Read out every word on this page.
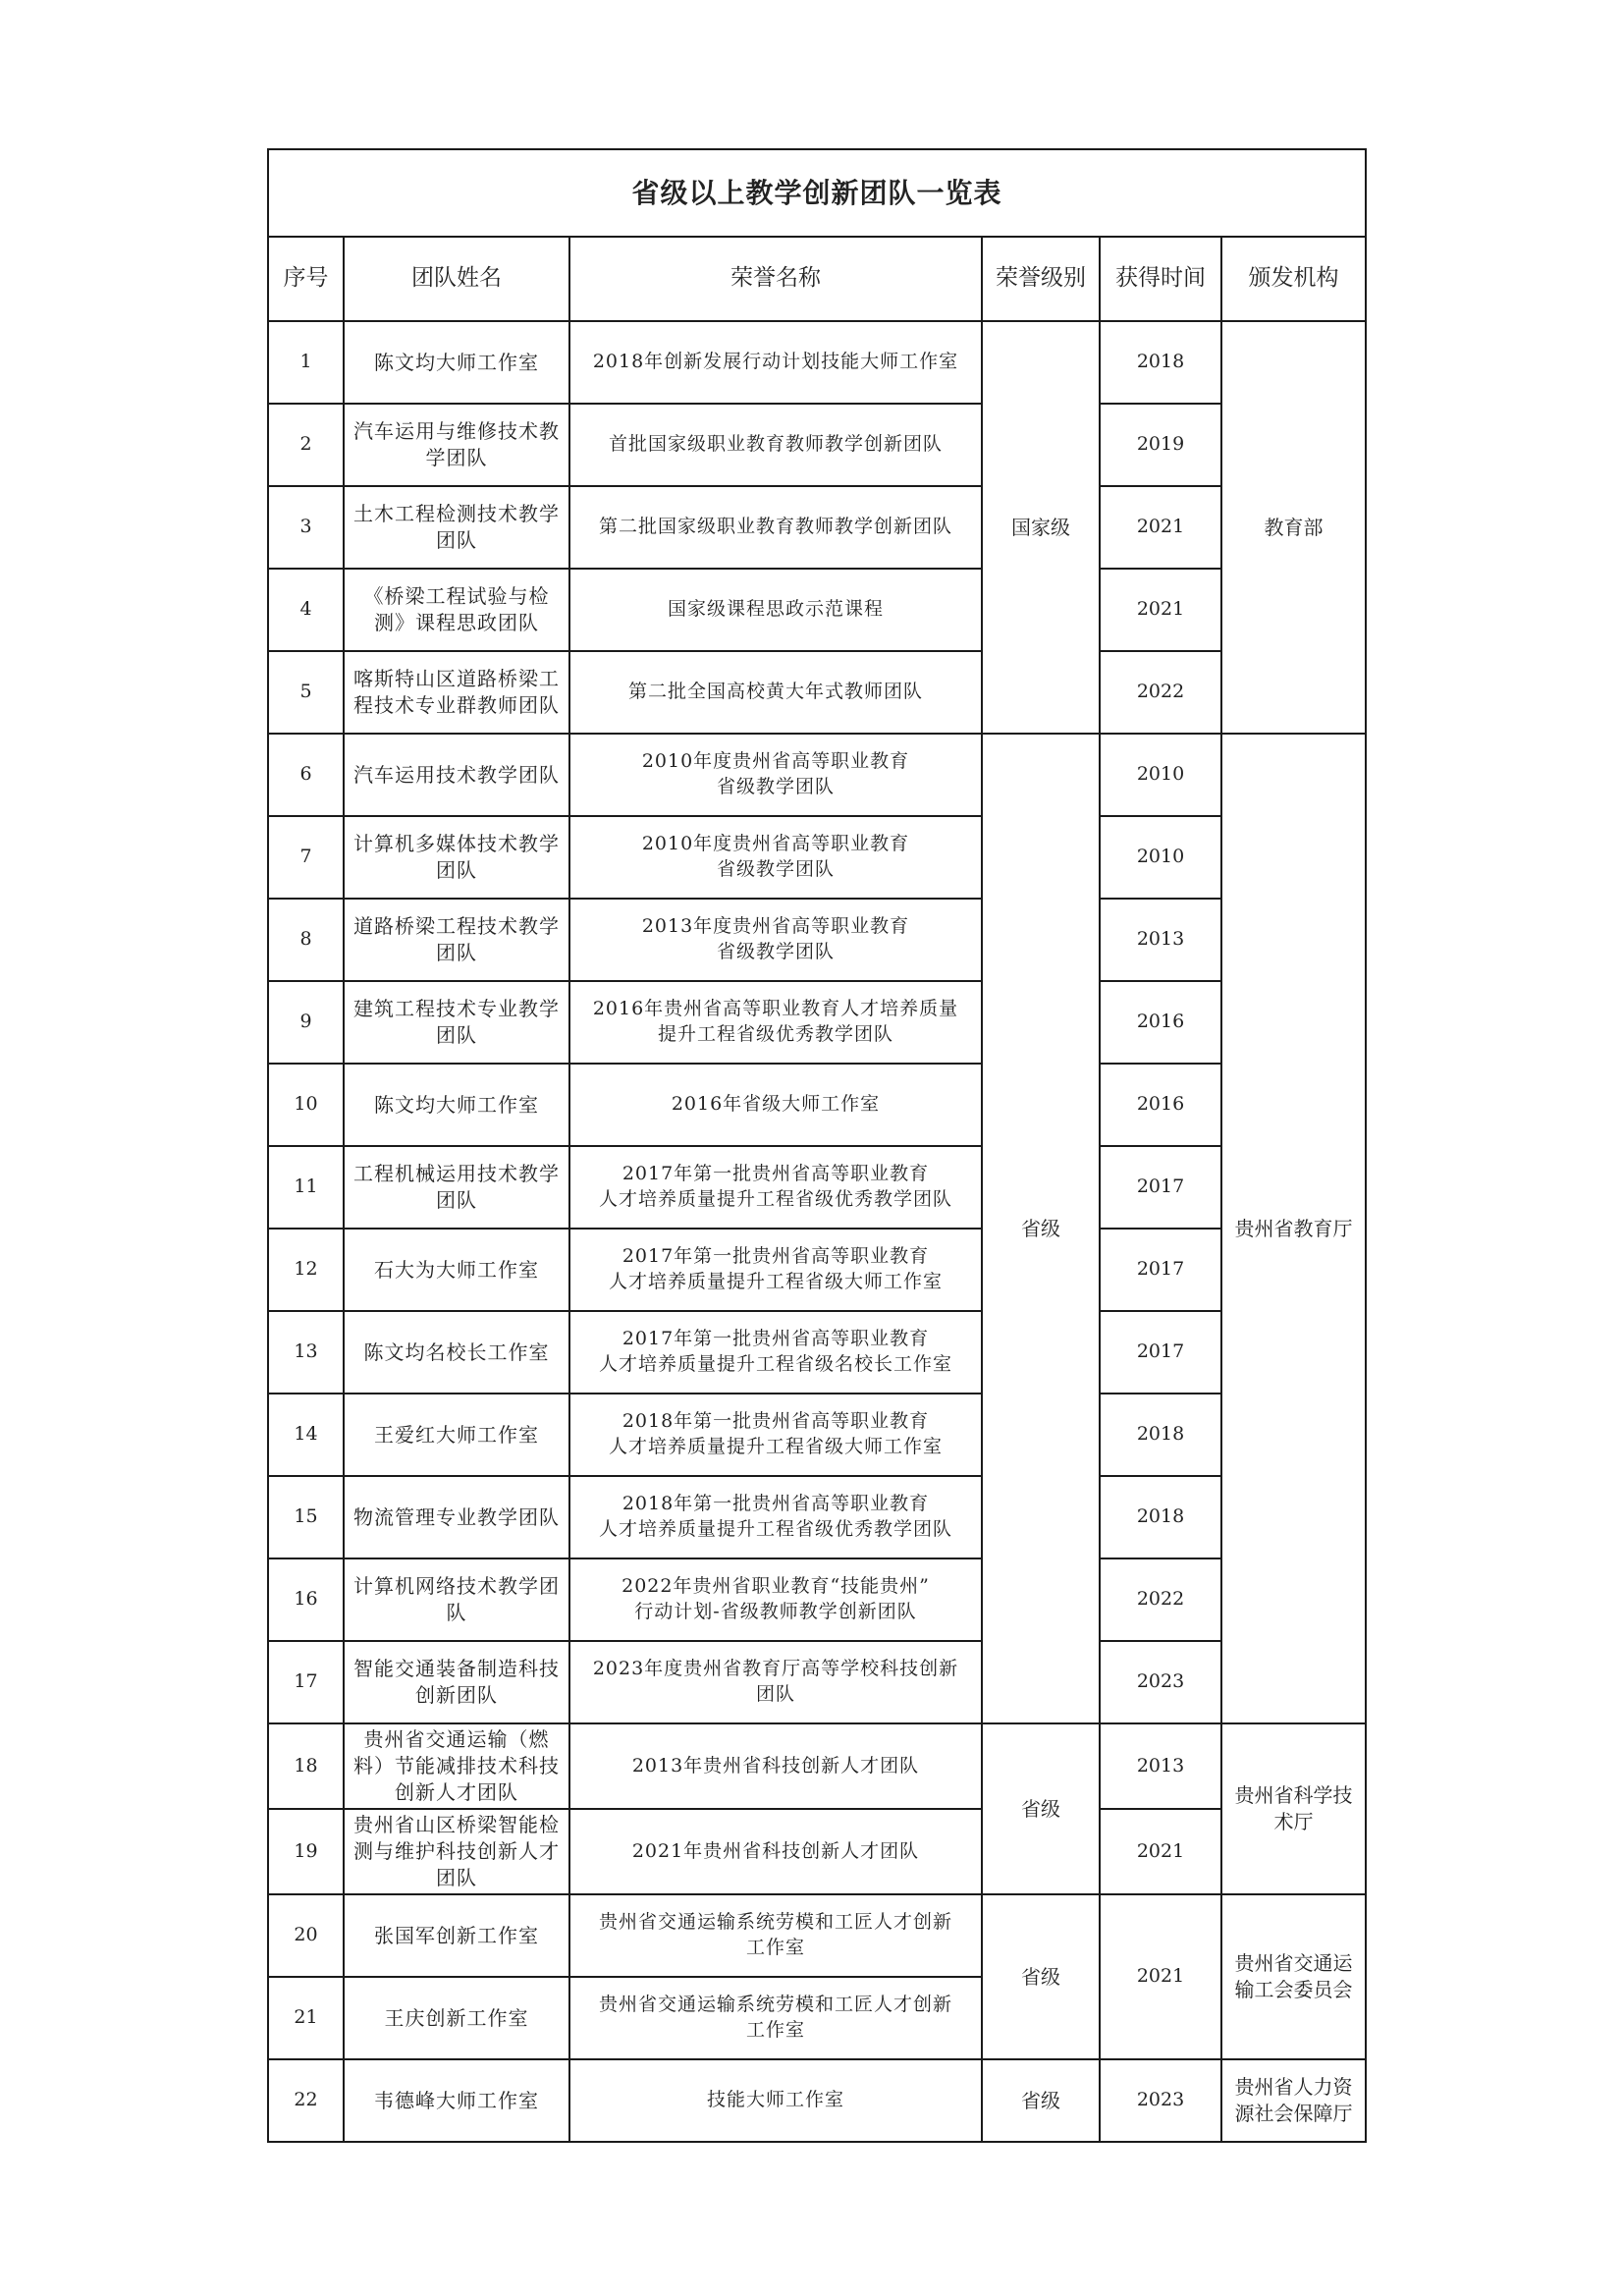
省级以上教学创新团队一览表					
序号	团队姓名	荣誉名称	荣誉级别	获得时间	颁发机构
1	陈文均大师工作室	2018年创新发展行动计划技能大师工作室	国家级	2018	教育部
2	汽车运用与维修技术教学团队	首批国家级职业教育教师教学创新团队		2019	
3	土木工程检测技术教学团队	第二批国家级职业教育教师教学创新团队		2021	
4	《桥梁工程试验与检测》课程思政团队	国家级课程思政示范课程		2021	
5	喀斯特山区道路桥梁工程技术专业群教师团队	第二批全国高校黄大年式教师团队		2022	
6	汽车运用技术教学团队	2010年度贵州省高等职业教育
省级教学团队	省级	2010	贵州省教育厅
7	计算机多媒体技术教学团队	2010年度贵州省高等职业教育
省级教学团队		2010	
8	道路桥梁工程技术教学团队	2013年度贵州省高等职业教育
省级教学团队		2013	
9	建筑工程技术专业教学团队	2016年贵州省高等职业教育人才培养质量
提升工程省级优秀教学团队		2016	
10	陈文均大师工作室	2016年省级大师工作室		2016	
11	工程机械运用技术教学团队	2017年第一批贵州省高等职业教育
人才培养质量提升工程省级优秀教学团队		2017	
12	石大为大师工作室	2017年第一批贵州省高等职业教育
人才培养质量提升工程省级大师工作室		2017	
13	陈文均名校长工作室	2017年第一批贵州省高等职业教育
人才培养质量提升工程省级名校长工作室		2017	
14	王爱红大师工作室	2018年第一批贵州省高等职业教育
人才培养质量提升工程省级大师工作室		2018	
15	物流管理专业教学团队	2018年第一批贵州省高等职业教育
人才培养质量提升工程省级优秀教学团队		2018	
16	计算机网络技术教学团队	2022年贵州省职业教育“技能贵州”
行动计划-省级教师教学创新团队		2022	
17	智能交通装备制造科技创新团队	2023年度贵州省教育厅高等学校科技创新
团队		2023	
18	贵州省交通运输（燃料）节能减排技术科技创新人才团队	2013年贵州省科技创新人才团队	省级	2013	贵州省科学技术厅
19	贵州省山区桥梁智能检测与维护科技创新人才团队	2021年贵州省科技创新人才团队		2021	
20	张国军创新工作室	贵州省交通运输系统劳模和工匠人才创新
工作室	省级	2021	贵州省交通运输工会委员会
21	王庆创新工作室	贵州省交通运输系统劳模和工匠人才创新
工作室			

22	韦德峰大师工作室	技能大师工作室	省级	2023	贵州省人力资源社会保障厅
